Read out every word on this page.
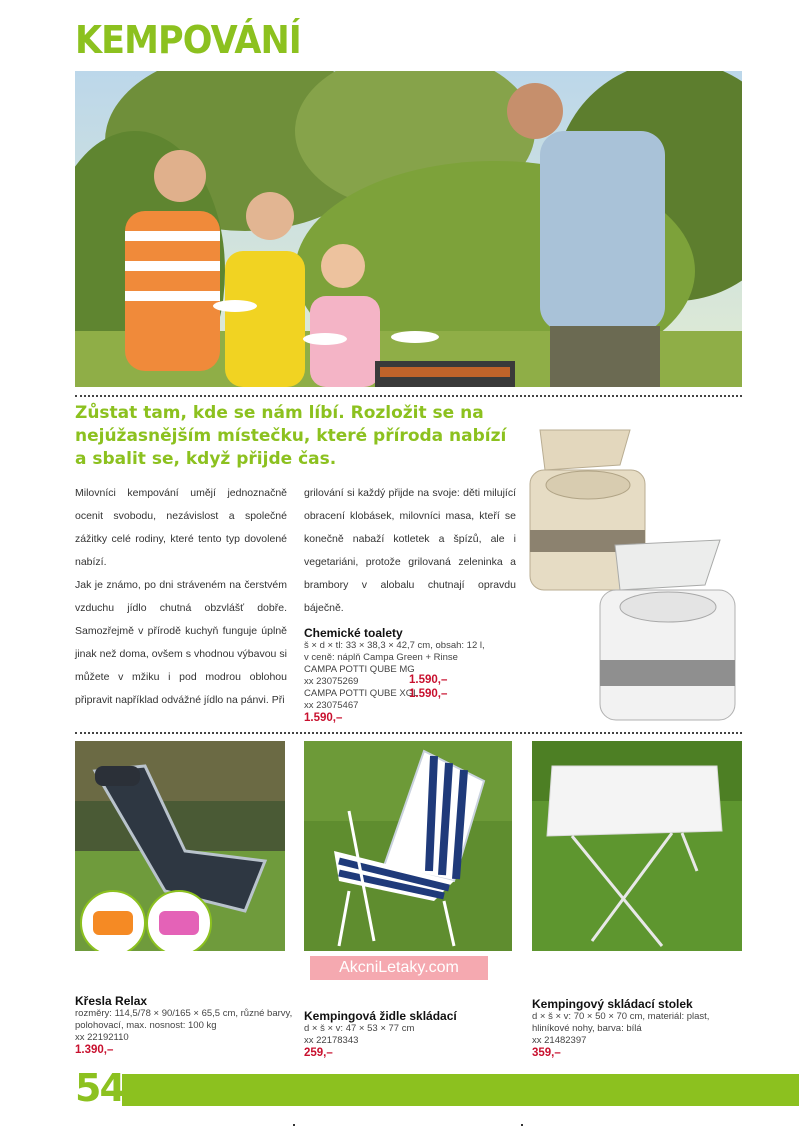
KEMPOVÁNÍ
Zůstat tam, kde se nám líbí. Rozložit se na nejúžasnějším místečku, které příroda nabízí a sbalit se, když přijde čas.

Milovníci kempování umějí jednoznačně ocenit svobodu, nezávislost a společné zážitky celé rodiny, které tento typ dovolené nabízí.

Jak je známo, po dni stráveném na čerstvém vzduchu jídlo chutná obzvlášť dobře. Samozřejmě v přírodě kuchyň funguje úplně jinak než doma, ovšem s vhodnou výbavou si můžete v mžiku i pod modrou oblohou připravit například odvážné jídlo na pánvi. Při

grilování si každý přijde na svoje: děti milující obracení klobásek, milovníci masa, kteří se konečně nabaží kotletek a špízů, ale i vegetariáni, protože grilovaná zeleninka a brambory v alobalu chutnají opravdu báječně.

Chemické toalety
š × d × tl: 33 × 38,3 × 42,7 cm, obsah: 12 l,
v ceně: náplň Campa Green + Rinse
CAMPA POTTI QUBE MG
xx 23075269	1.590,–
CAMPA POTTI QUBE XGL
xx 23075467
1.590,–
1.590,–
AkcniLetaky.com
Křesla Relax
rozměry: 114,5/78 × 90/165 × 65,5 cm, různé barvy, polohovací, max. nosnost: 100 kg
xx 22192110
1.390,–
Kempingová židle skládací
d × š × v: 47 × 53 × 77 cm
xx 22178343
259,–
Kempingový skládací stolek
d × š × v: 70 × 50 × 70 cm, materiál: plast, hliníkové nohy, barva: bílá
xx 21482397
359,–
54
